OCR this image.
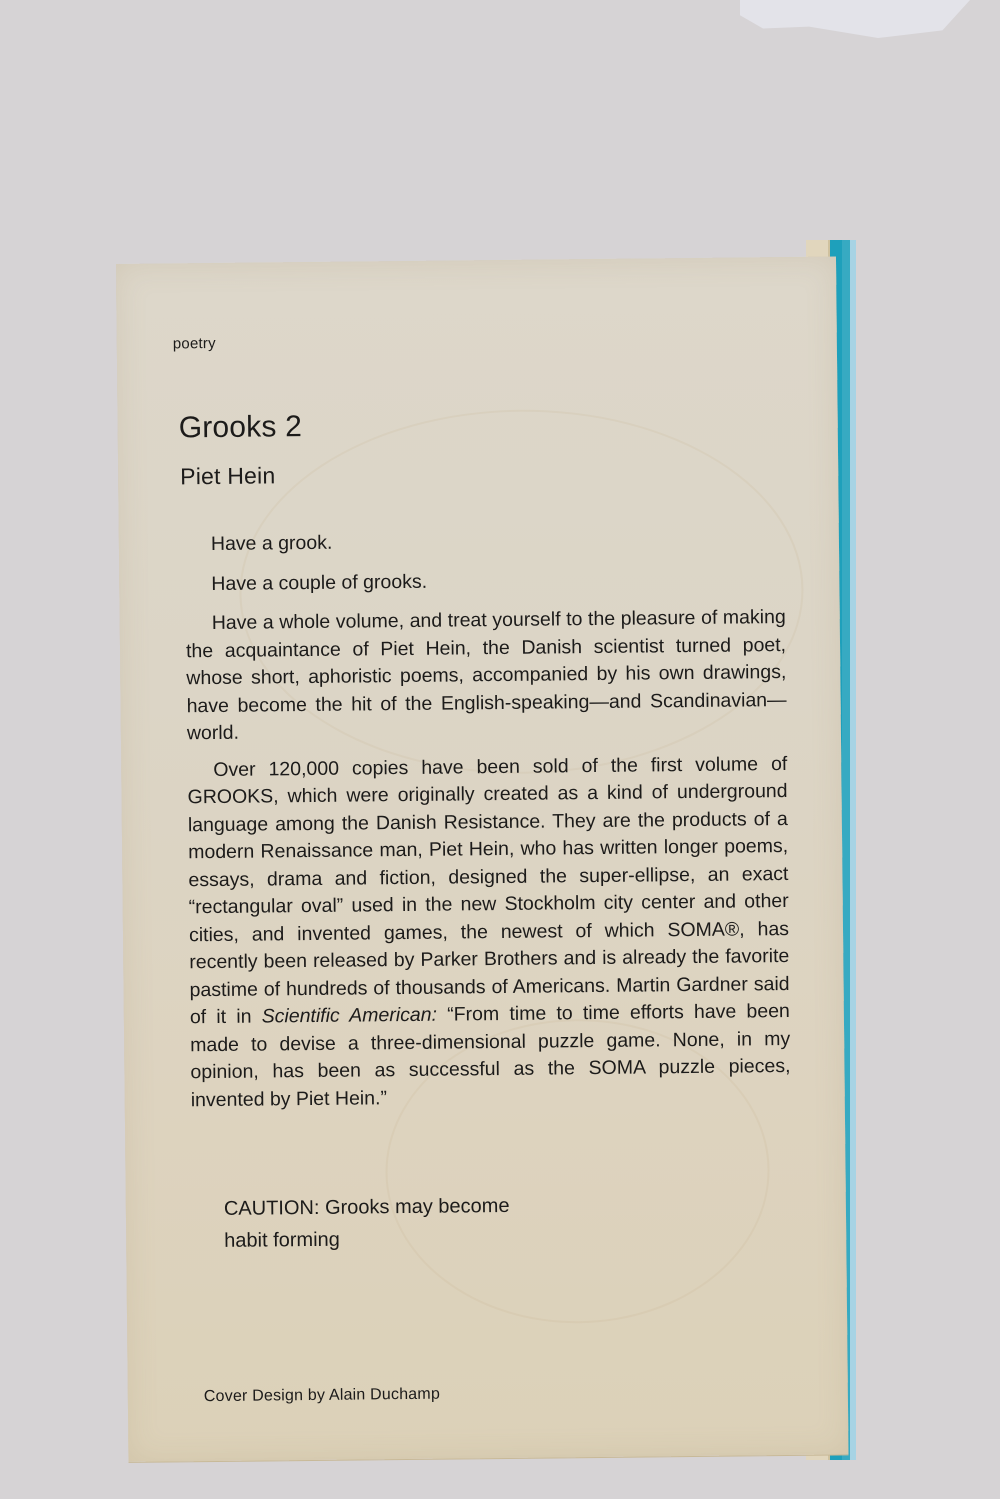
poetry
Grooks 2
Piet Hein

Have a grook.

Have a couple of grooks.

Have a whole volume, and treat yourself to the pleasure of making the acquaintance of Piet Hein, the Danish scientist turned poet, whose short, aphoristic poems, accompanied by his own drawings, have become the hit of the English-speaking—and Scandinavian—world.

Over 120,000 copies have been sold of the first volume of GROOKS, which were originally created as a kind of underground language among the Danish Resistance. They are the products of a modern Renaissance man, Piet Hein, who has written longer poems, essays, drama and fiction, designed the super-ellipse, an exact “rectangular oval” used in the new Stockholm city center and other cities, and invented games, the newest of which SOMA®, has recently been released by Parker Brothers and is already the favorite pastime of hundreds of thousands of Americans. Martin Gardner said of it in Scientific American: “From time to time efforts have been made to devise a three-dimensional puzzle game. None, in my opinion, has been as successful as the SOMA puzzle pieces, invented by Piet Hein.”

CAUTION: Grooks may become
habit forming
Cover Design by Alain Duchamp
